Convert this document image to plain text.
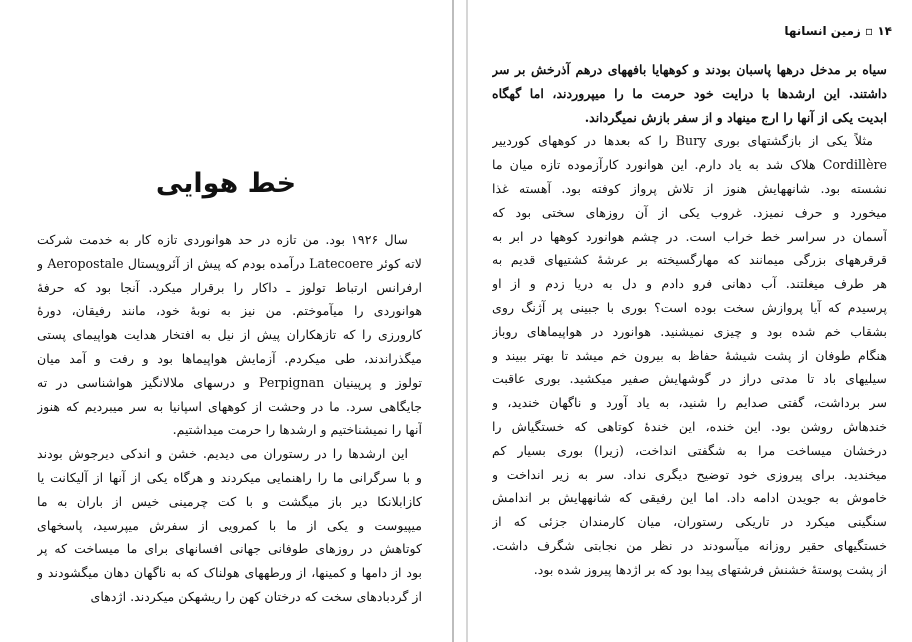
خط هوایی
سال ۱۹۲۶ بود. من تازه در حد هوانوردی تازه کار به خدمت شرکت
لاته کوئر Latecoere درآمده بودم که پیش از آئروپستال Aeropostale و
ارفرانس ارتباط تولوز ـ داکار را برقرار میکرد. آنجا بود که حرفهٔ
هوانوردی را میآموختم. من نیز به نوبهٔ خود، مانند رفیقان، دورهٔ
کارورزی را که تازهکاران پیش از نیل به افتخار هدایت هواپیمای پستی
میگذراندند، طی میکردم. آزمایش هواپیماها بود و رفت و آمد میان
تولوز و پرپینیان Perpignan و درسهای ملالانگیز هواشناسی در ته
جایگاهی سرد. ما در وحشت از کوههای اسپانیا به سر میبردیم که هنوز
آنها را نمیشناختیم و ارشدها را حرمت میداشتیم.
این ارشدها را در رستوران می دیدیم. خشن و اندکی دیرجوش بودند
و با سرگرانی ما را راهنمایی میکردند و هرگاه یکی از آنها از آلیکانت یا
کازابلانکا دیر باز میگشت و با کت چرمینی خیس از باران به ما
میپیوست و یکی از ما با کمرویی از سفرش میپرسید، پاسخهای
کوتاهش در روزهای طوفانی جهانی افسانهای برای ما میساخت که پر
بود از دامها و کمینها، از ورطههای هولناک که به ناگهان دهان میگشودند و
از گردبادهای سخت که درختان کهن را ریشهکن میکردند. اژدهای
۱۴ ▫ زمین انسانها
سیاه بر مدخل درهها پاسبان بودند و کوههایا بافههای درهم آذرخش بر سر
داشتند. این ارشدها با درایت خود حرمت ما را میپروردند، اما گهگاه
ابدیت یکی از آنها را ارج مینهاد و از سفر بازش نمیگرداند.
مثلاً یکی از بازگشتهای بوری Bury را که بعدها در کوههای کوردییر
Cordillère هلاک شد به یاد دارم. این هوانورد کارآزموده تازه میان ما
نشسته بود. شانههایش هنوز از تلاش پرواز کوفته بود. آهسته غذا
میخورد و حرف نمیزد. غروب یکی از آن روزهای سختی بود که
آسمان در سراسر خط خراب است. در چشم هوانورد کوهها در ابر به
قرقرههای بزرگی میمانند که مهارگسیخته بر عرشهٔ کشتیهای قدیم به
هر طرف میغلتند. آب دهانی فرو دادم و دل به دریا زدم و از او
پرسیدم که آیا پروازش سخت بوده است؟ بوری با جبینی پر آژنگ روی
بشقاب خم شده بود و چیزی نمیشنید. هوانورد در هواپیماهای روباز
هنگام طوفان از پشت شیشهٔ حفاظ به بیرون خم میشد تا بهتر ببیند و
سیلیهای باد تا مدتی دراز در گوشهایش صفیر میکشید. بوری عاقبت
سر برداشت، گفتی صدایم را شنید، به یاد آورد و ناگهان خندید، و
خندهاش روشن بود. این خنده، این خندهٔ کوتاهی که خستگیاش را
درخشان میساخت مرا به شگفتی انداخت، (زیرا) بوری بسیار کم
میخندید. برای پیروزی خود توضیح دیگری نداد. سر به زیر انداخت و
خاموش به جویدن ادامه داد. اما این رفیقی که شانههایش بر اندامش
سنگینی میکرد در تاریکی رستوران، میان کارمندان جزئی که از
خستگیهای حقیر روزانه میآسودند در نظر من نجابتی شگرف داشت.
از پشت پوستهٔ خشنش فرشتهای پیدا بود که بر اژدها پیروز شده بود.
